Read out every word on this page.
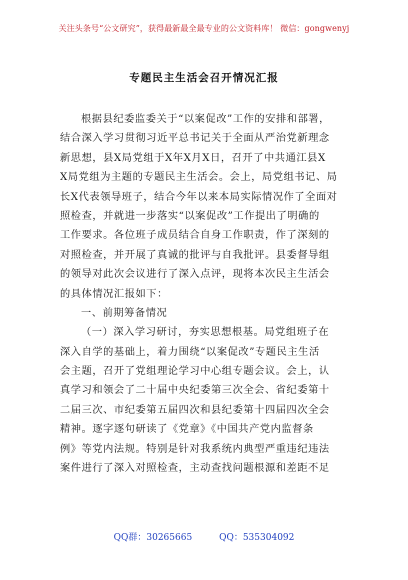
关注头条号“公文研究”，获得最新最全最专业的公文资料库！ 微信：gongwenyj
专题民主生活会召开情况汇报
根据县纪委监委关于“以案促改”工作的安排和部署，
结合深入学习贯彻习近平总书记关于全面从严治党新理念
新思想，县X局党组于X年X月X日，召开了中共通江县X
X局党组为主题的专题民主生活会。会上，局党组书记、局
长X代表领导班子，结合今年以来本局实际情况作了全面对
照检查，并就进一步落实“以案促改”工作提出了明确的
工作要求。各位班子成员结合自身工作职责，作了深刻的
对照检查，并开展了真诚的批评与自我批评。县委督导组
的领导对此次会议进行了深入点评，现将本次民主生活会
的具体情况汇报如下：
一、前期筹备情况
（一）深入学习研讨，夯实思想根基。局党组班子在
深入自学的基础上，着力围绕“以案促改”专题民主生活
会主题，召开了党组理论学习中心组专题会议。会上，认
真学习和领会了二十届中央纪委第三次全会、省纪委第十
二届三次、市纪委第五届四次和县纪委第十四届四次全会
精神。逐字逐句研读了《党章》《中国共产党内监督条
例》等党内法规。特别是针对我系统内典型严重违纪违法
案件进行了深入对照检查，主动查找问题根源和差距不足
QQ群：30265665	QQ：535304092
